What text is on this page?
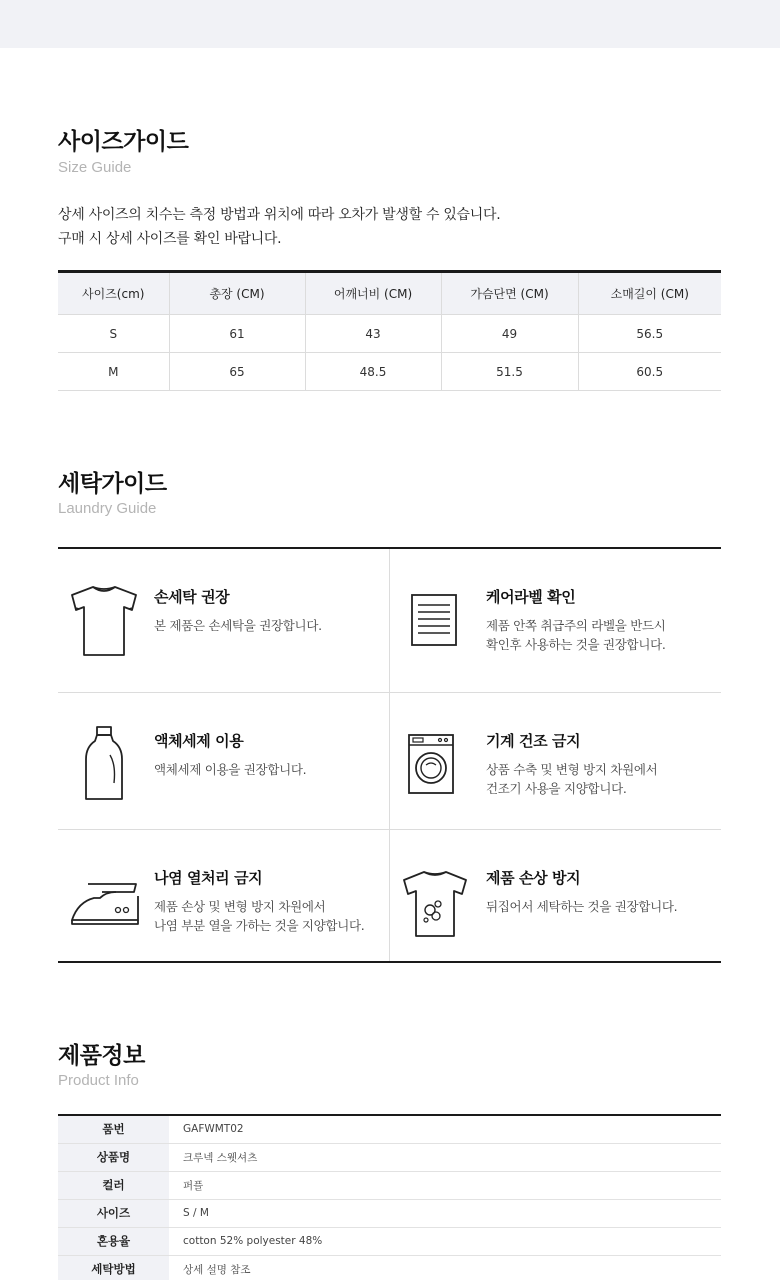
사이즈가이드
Size Guide
상세 사이즈의 치수는 측정 방법과 위치에 따라 오차가 발생할 수 있습니다.
구매 시 상세 사이즈를 확인 바랍니다.
사이즈(cm)	총장 (CM)	어깨너비 (CM)	가슴단면 (CM)	소매길이 (CM)
S	61	43	49	56.5
M	65	48.5	51.5	60.5
세탁가이드
Laundry Guide
손세탁 권장
본 제품은 손세탁을 권장합니다.
케어라벨 확인
제품 안쪽 취급주의 라벨을 반드시
확인후 사용하는 것을 권장합니다.
액체세제 이용
액체세제 이용을 권장합니다.
기계 건조 금지
상품 수축 및 변형 방지 차원에서
건조기 사용을 지양합니다.
나염 열처리 금지
제품 손상 및 변형 방지 차원에서
나염 부분 열을 가하는 것을 지양합니다.
제품 손상 방지
뒤집어서 세탁하는 것을 권장합니다.
제품정보
Product Info
품번	GAFWMT02
상품명	크루넥 스웻셔츠
컬러	퍼플
사이즈	S / M
혼용율	cotton 52% polyester 48%
세탁방법	상세 설명 참조
